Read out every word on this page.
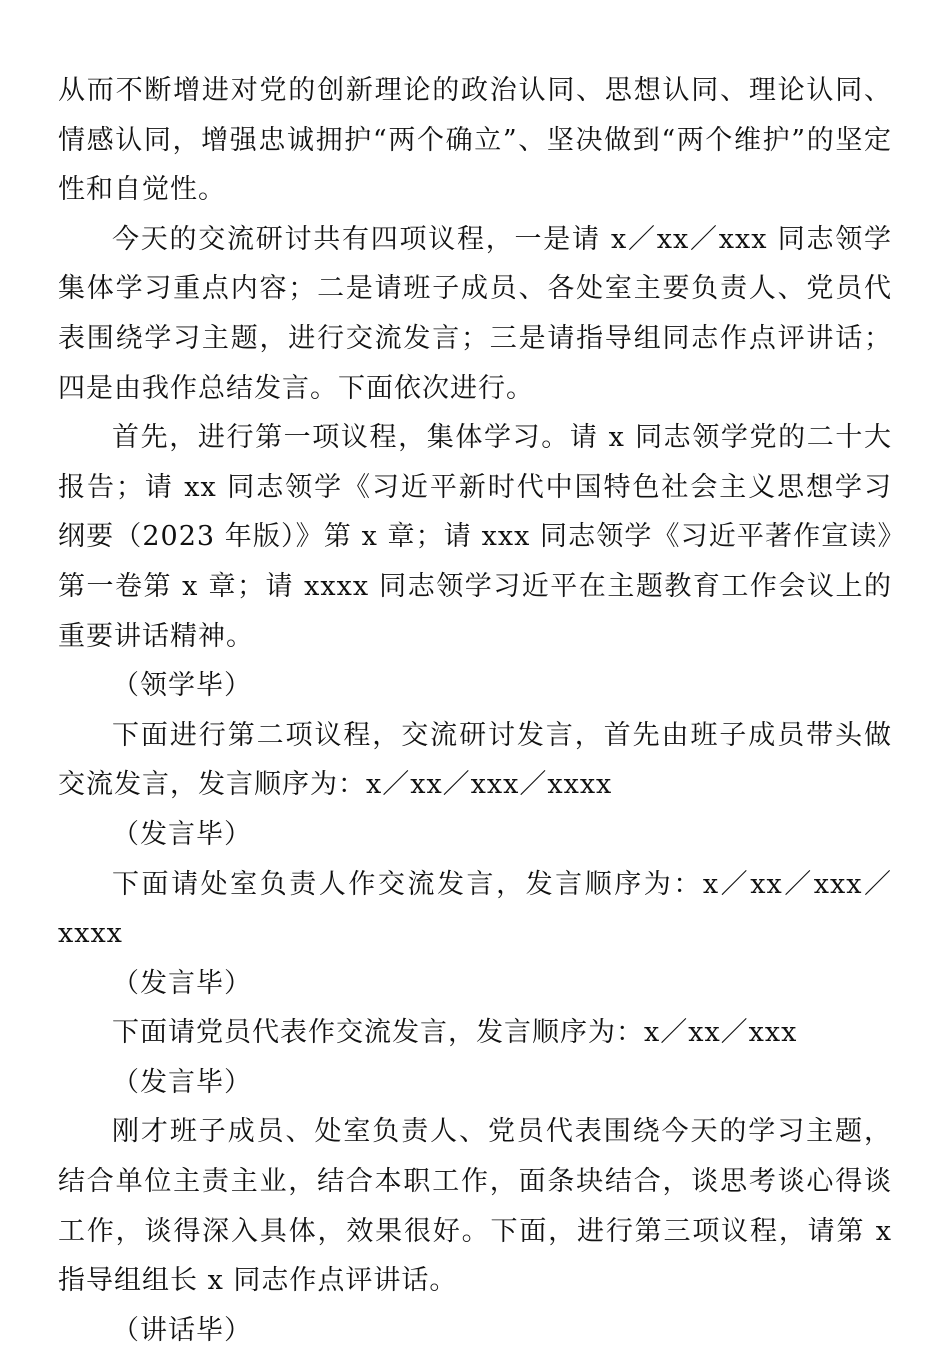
从而不断增进对党的创新理论的政治认同、思想认同、理论认同、情感认同，增强忠诚拥护“两个确立”、坚决做到“两个维护”的坚定性和自觉性。

今天的交流研讨共有四项议程，一是请 x／xx／xxx 同志领学集体学习重点内容；二是请班子成员、各处室主要负责人、党员代表围绕学习主题，进行交流发言；三是请指导组同志作点评讲话；四是由我作总结发言。下面依次进行。

首先，进行第一项议程，集体学习。请 x 同志领学党的二十大报告；请 xx 同志领学《习近平新时代中国特色社会主义思想学习纲要（2023 年版）》第 x 章；请 xxx 同志领学《习近平著作宣读》第一卷第 x 章；请 xxxx 同志领学习近平在主题教育工作会议上的重要讲话精神。

（领学毕）

下面进行第二项议程，交流研讨发言，首先由班子成员带头做交流发言，发言顺序为：x／xx／xxx／xxxx

（发言毕）

下面请处室负责人作交流发言，发言顺序为：x／xx／xxx／xxxx

（发言毕）

下面请党员代表作交流发言，发言顺序为：x／xx／xxx

（发言毕）

刚才班子成员、处室负责人、党员代表围绕今天的学习主题，结合单位主责主业，结合本职工作，面条块结合，谈思考谈心得谈工作，谈得深入具体，效果很好。下面，进行第三项议程，请第 x 指导组组长 x 同志作点评讲话。

（讲话毕）
